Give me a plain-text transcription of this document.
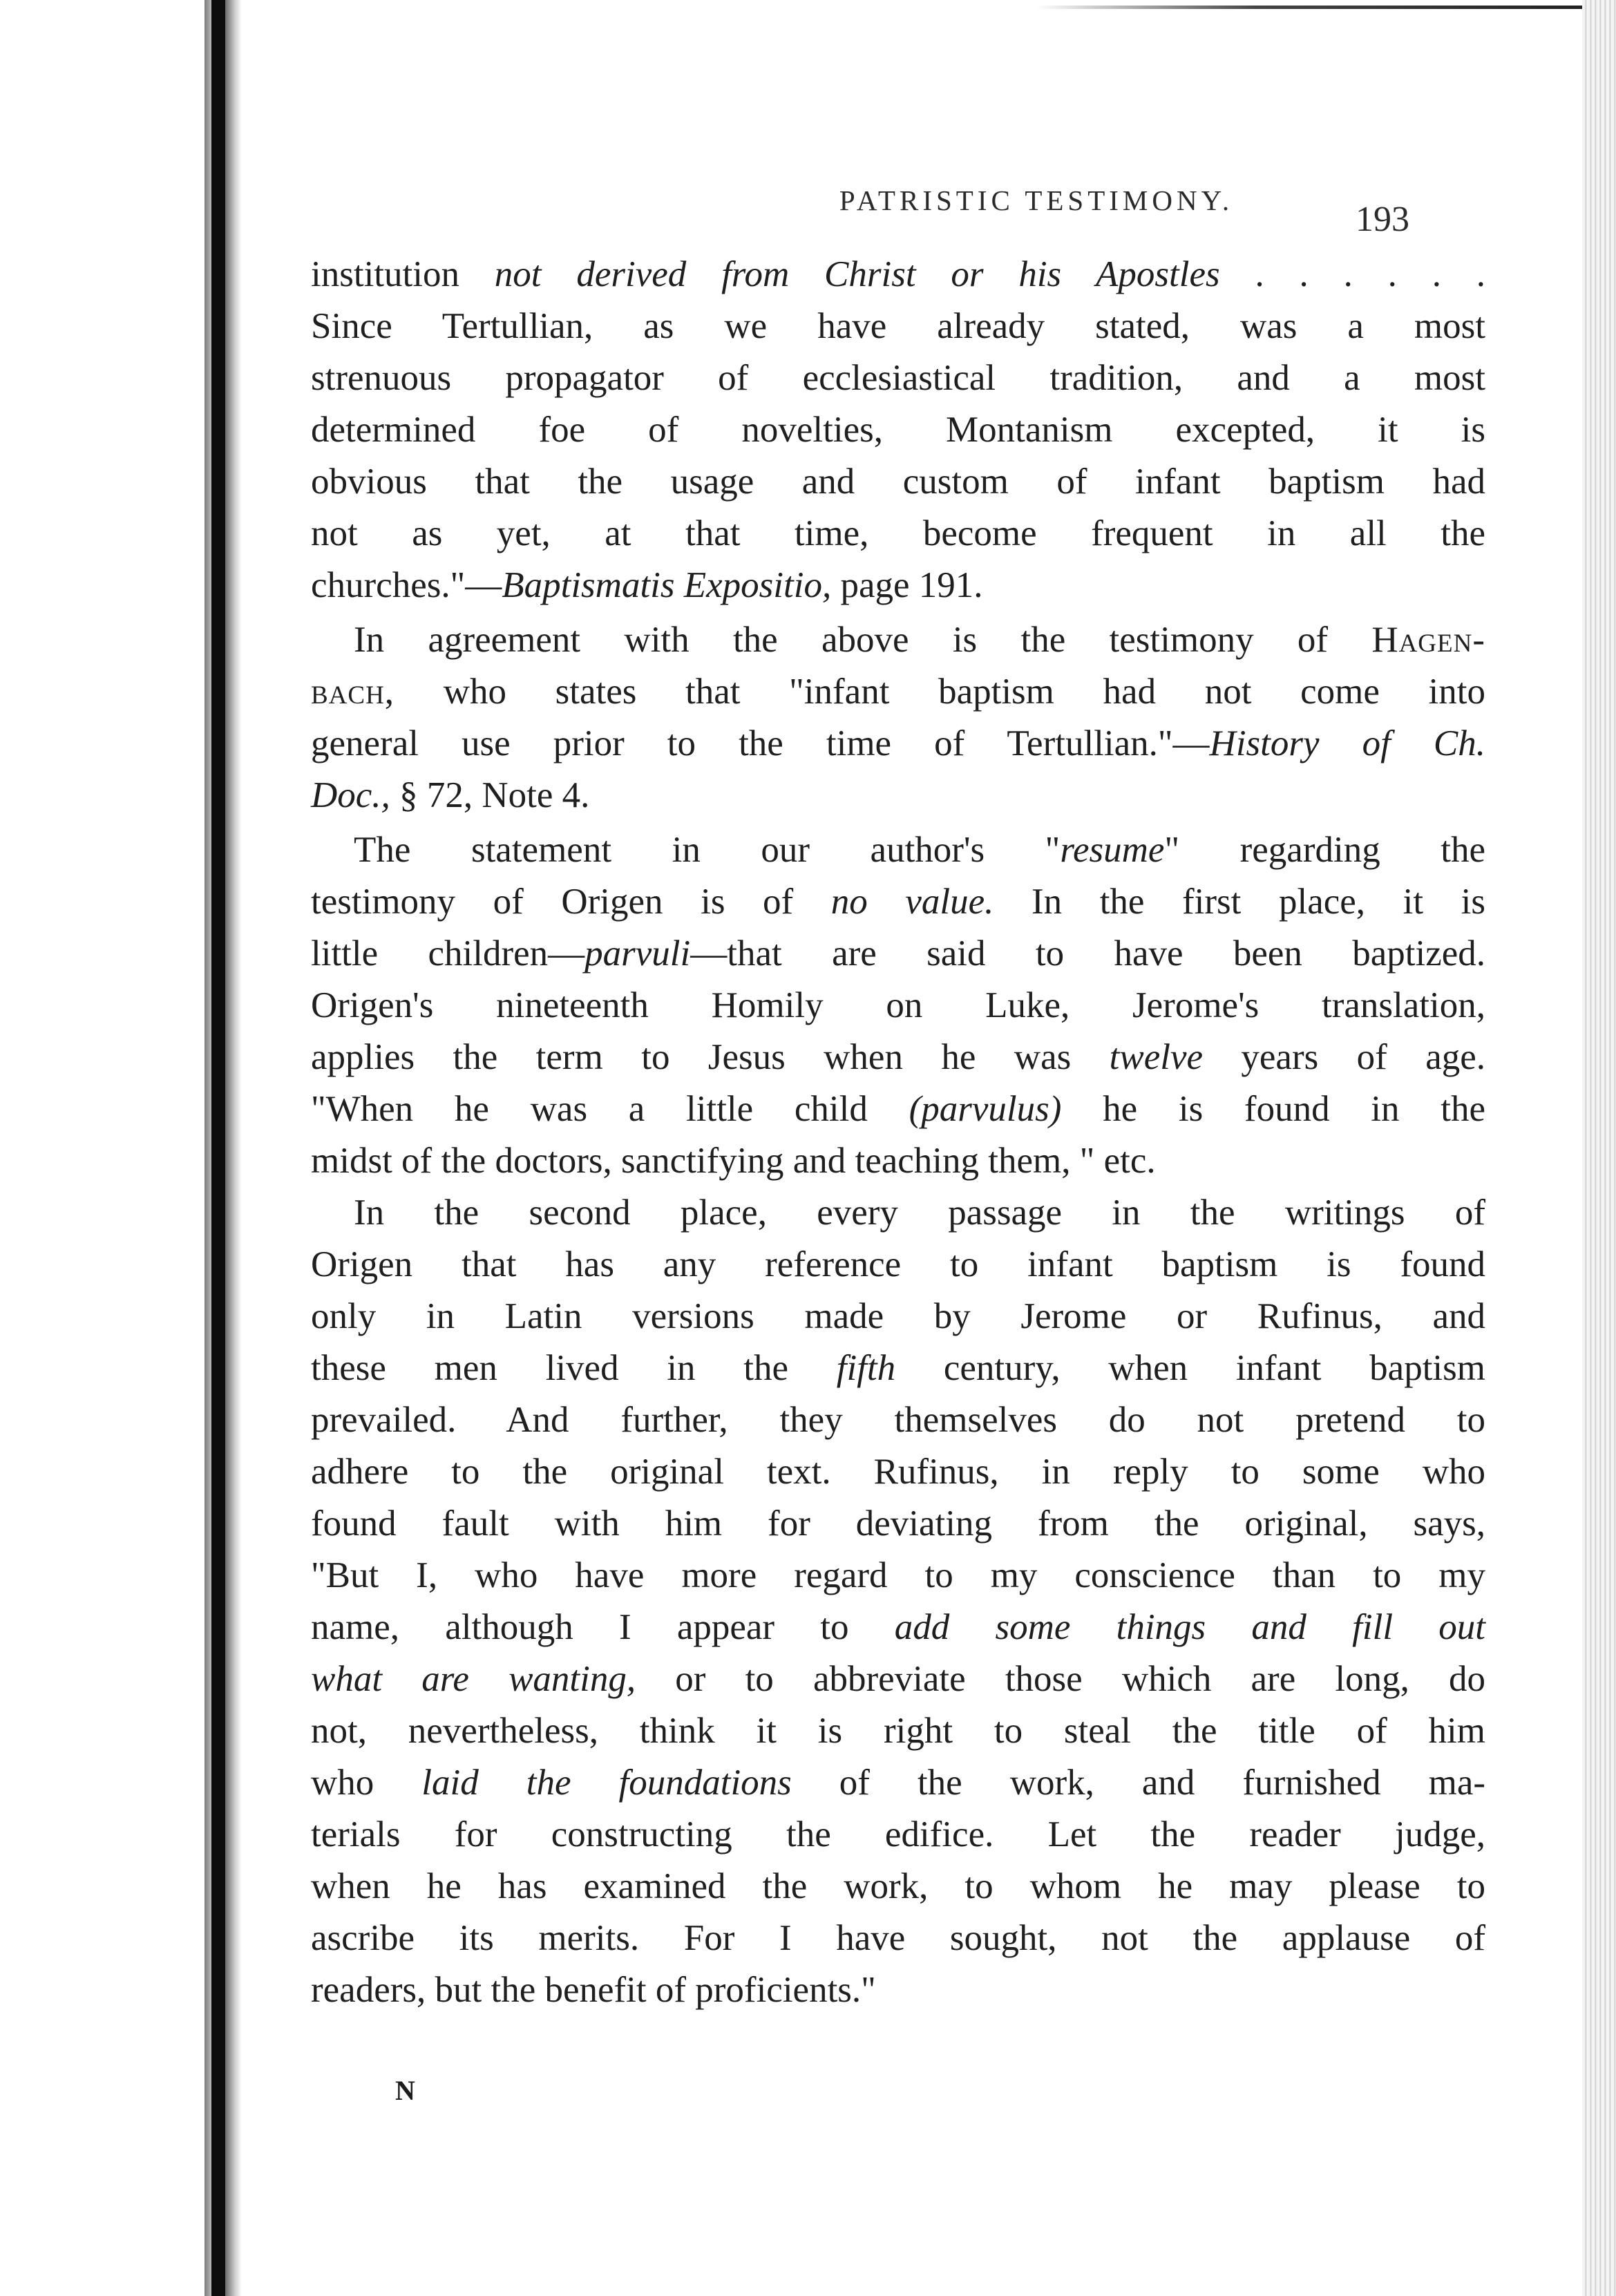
PATRISTIC TESTIMONY.	193
institution not derived from Christ or his Apostles . . . . . .
Since Tertullian, as we have already stated, was a most
strenuous propagator of ecclesiastical tradition, and a most
determined foe of novelties, Montanism excepted, it is
obvious that the usage and custom of infant baptism had
not as yet, at that time, become frequent in all the
churches."—Baptismatis Expositio, page 191.
In agreement with the above is the testimony of Hagen-
bach, who states that "infant baptism had not come into
general use prior to the time of Tertullian."—History of Ch.
Doc., § 72, Note 4.
The statement in our author's "resume" regarding the
testimony of Origen is of no value. In the first place, it is
little children—parvuli—that are said to have been baptized.
Origen's nineteenth Homily on Luke, Jerome's translation,
applies the term to Jesus when he was twelve years of age.
"When he was a little child (parvulus) he is found in the
midst of the doctors, sanctifying and teaching them, " etc.
In the second place, every passage in the writings of
Origen that has any reference to infant baptism is found
only in Latin versions made by Jerome or Rufinus, and
these men lived in the fifth century, when infant baptism
prevailed. And further, they themselves do not pretend to
adhere to the original text. Rufinus, in reply to some who
found fault with him for deviating from the original, says,
"But I, who have more regard to my conscience than to my
name, although I appear to add some things and fill out
what are wanting, or to abbreviate those which are long, do
not, nevertheless, think it is right to steal the title of him
who laid the foundations of the work, and furnished ma-
terials for constructing the edifice. Let the reader judge,
when he has examined the work, to whom he may please to
ascribe its merits. For I have sought, not the applause of
readers, but the benefit of proficients."
N
